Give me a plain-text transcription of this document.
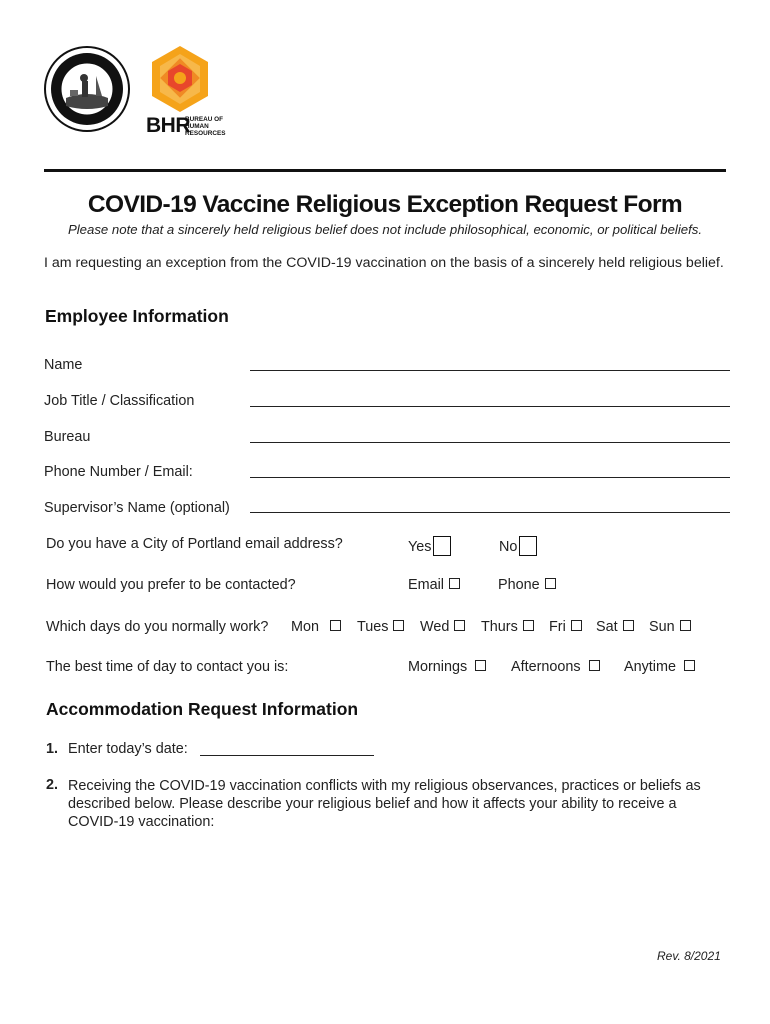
BHR
BUREAU OF
HUMAN
RESOURCES
COVID-19 Vaccine Religious Exception Request Form
Please note that a sincerely held religious belief does not include philosophical, economic, or political beliefs.
I am requesting an exception from the COVID-19 vaccination on the basis of a sincerely held religious belief.
Employee Information
Name
Job Title / Classification
Bureau
Phone Number / Email:
Supervisor’s Name (optional)
Do you have a City of Portland email address?	Yes	No
How would you prefer to be contacted?	Email	Phone
Which days do you normally work? Mon	Tues	Wed	Thurs	Fri	Sat	Sun
The best time of day to contact you is:	Mornings	Afternoons	Anytime
Accommodation Request Information
1. Enter today’s date:
2. Receiving the COVID-19 vaccination conflicts with my religious observances, practices or beliefs as described below. Please describe your religious belief and how it affects your ability to receive a COVID-19 vaccination:
Rev. 8/2021
